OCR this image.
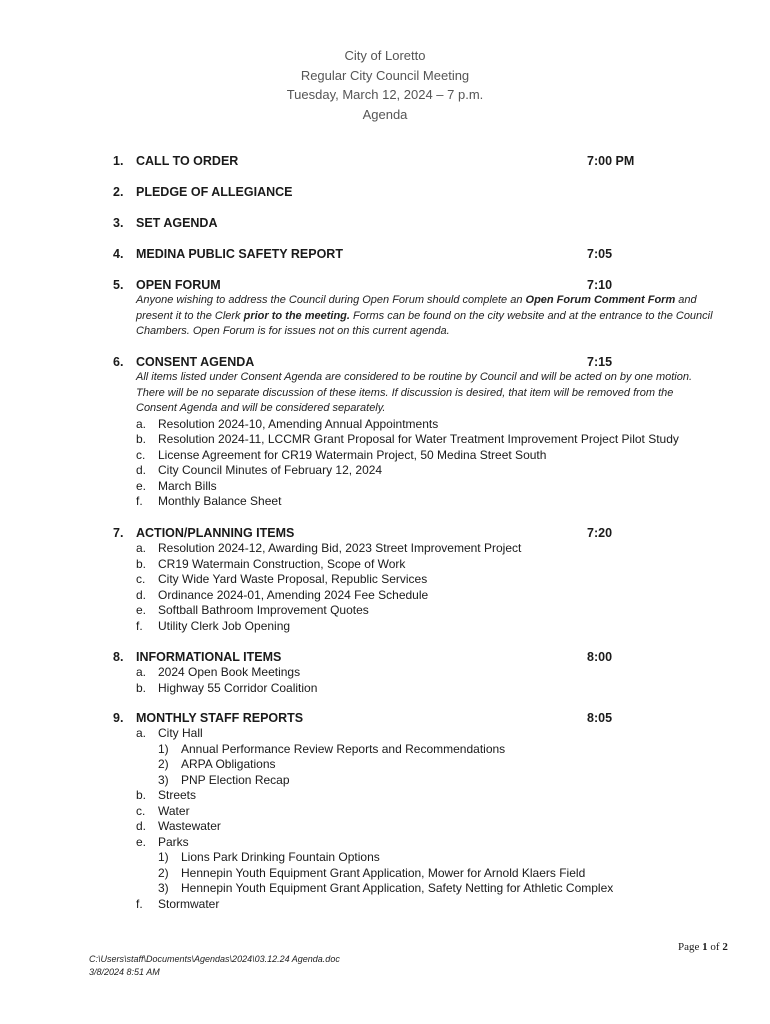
City of Loretto
Regular City Council Meeting
Tuesday, March 12, 2024 – 7 p.m.
Agenda
1.	CALL TO ORDER	7:00 PM
2.	PLEDGE OF ALLEGIANCE
3.	SET AGENDA
4.	MEDINA PUBLIC SAFETY REPORT	7:05
5.	OPEN FORUM	7:10
Anyone wishing to address the Council during Open Forum should complete an Open Forum Comment Form and present it to the Clerk prior to the meeting. Forms can be found on the city website and at the entrance to the Council Chambers. Open Forum is for issues not on this current agenda.
6.	CONSENT AGENDA	7:15
All items listed under Consent Agenda are considered to be routine by Council and will be acted on by one motion. There will be no separate discussion of these items. If discussion is desired, that item will be removed from the Consent Agenda and will be considered separately.
a. Resolution 2024-10, Amending Annual Appointments
b. Resolution 2024-11, LCCMR Grant Proposal for Water Treatment Improvement Project Pilot Study
c. License Agreement for CR19 Watermain Project, 50 Medina Street South
d. City Council Minutes of February 12, 2024
e. March Bills
f. Monthly Balance Sheet
7.	ACTION/PLANNING ITEMS	7:20
a. Resolution 2024-12, Awarding Bid, 2023 Street Improvement Project
b. CR19 Watermain Construction, Scope of Work
c. City Wide Yard Waste Proposal, Republic Services
d. Ordinance 2024-01, Amending 2024 Fee Schedule
e. Softball Bathroom Improvement Quotes
f. Utility Clerk Job Opening
8.	INFORMATIONAL ITEMS	8:00
a. 2024 Open Book Meetings
b. Highway 55 Corridor Coalition
9.	MONTHLY STAFF REPORTS	8:05
a. City Hall
1) Annual Performance Review Reports and Recommendations
2) ARPA Obligations
3) PNP Election Recap
b. Streets
c. Water
d. Wastewater
e. Parks
1) Lions Park Drinking Fountain Options
2) Hennepin Youth Equipment Grant Application, Mower for Arnold Klaers Field
3) Hennepin Youth Equipment Grant Application, Safety Netting for Athletic Complex
f. Stormwater
Page 1 of 2
C:\Users\staff\Documents\Agendas\2024\03.12.24 Agenda.doc
3/8/2024 8:51 AM
